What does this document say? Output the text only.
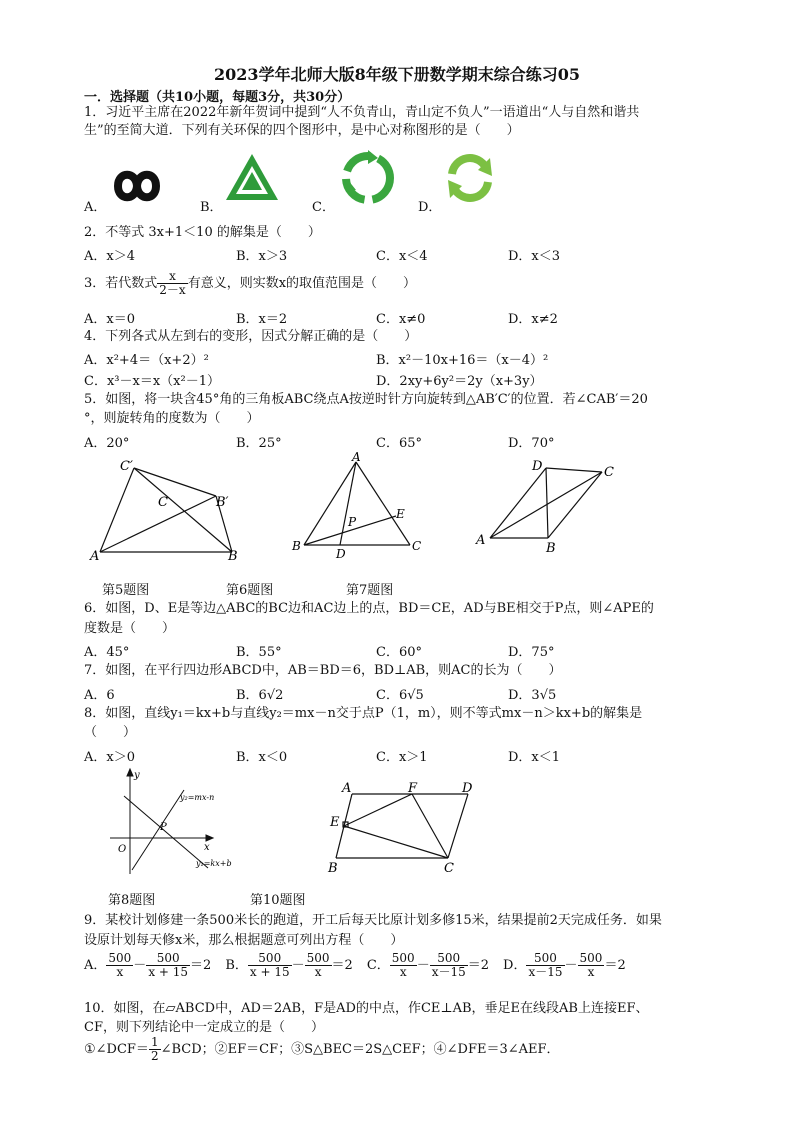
2023学年北师大版8年级下册数学期末综合练习05
一．选择题（共10小题，每题3分，共30分）
1．习近平主席在2022年新年贺词中提到“人不负青山，青山定不负人”一语道出“人与自然和谐共
生”的至简大道．下列有关环保的四个图形中，是中心对称图形的是（　　）
A．	B．	C．	D．
2．不等式 3x+1＜10 的解集是（　　）
A．x＞4	B．x＞3	C．x＜4	D．x＜3
3．若代数式 $\frac{x}{2-x}$ 有意义，则实数x的取值范围是（　　）
A．x＝0	B．x＝2	C．x≠0	D．x≠2
4．下列各式从左到右的变形，因式分解正确的是（　　）
A．x²+4＝（x+2）²	B．x²－10x+16＝（x－4）²
C．x³－x＝x（x²－1）	D．2xy+6y²＝2y（x+3y）
5．如图，将一块含45°角的三角板ABC绕点A按逆时针方向旋转到△AB′C′的位置．若∠CAB′＝20
°，则旋转角的度数为（　　）
A．20°	B．25°	C．65°	D．70°
C′
C	B′
A	B
A
E
P
B
D
C
D	C
A
B
第5题图	第6题图	第7题图
6．如图，D、E是等边△ABC的BC边和AC边上的点，BD＝CE，AD与BE相交于P点，则∠APE的
度数是（　　）
A．45°	B．55°	C．60°	D．75°
7．如图，在平行四边形ABCD中，AB＝BD＝6，BD⊥AB，则AC的长为（　　）
A．6	B．6√2	C．6√5	D．3√5
8．如图，直线y₁＝kx+b与直线y₂＝mx－n交于点P（1，m），则不等式mx－n＞kx+b的解集是
（　　）
A．x＞0	B．x＜0	C．x＞1	D．x＜1
y
y₂=mx-n
P
O	x
y₁=kx+b
A	F	D
E
B	C
第8题图	第10题图
9．某校计划修建一条500米长的跑道，开工后每天比原计划多修15米，结果提前2天完成任务．如果
设原计划每天修x米，那么根据题意可列出方程（　　）
A． $\frac{500}{x} - \frac{500}{x + 15} =2$ B． $\frac{500}{x + 15} - \frac{500}{x} =2$ C． $\frac{500}{x} - \frac{500}{x-15} =2$ D． $\frac{500}{x-15} - \frac{500}{x} =2$
10．如图，在▱ABCD中，AD＝2AB，F是AD的中点，作CE⊥AB，垂足E在线段AB上连接EF、
CF，则下列结论中一定成立的是（　　）
①∠DCF＝ $\frac{1}{2}$ ∠BCD；②EF＝CF；③S△BEC＝2S△CEF；④∠DFE＝3∠AEF．
